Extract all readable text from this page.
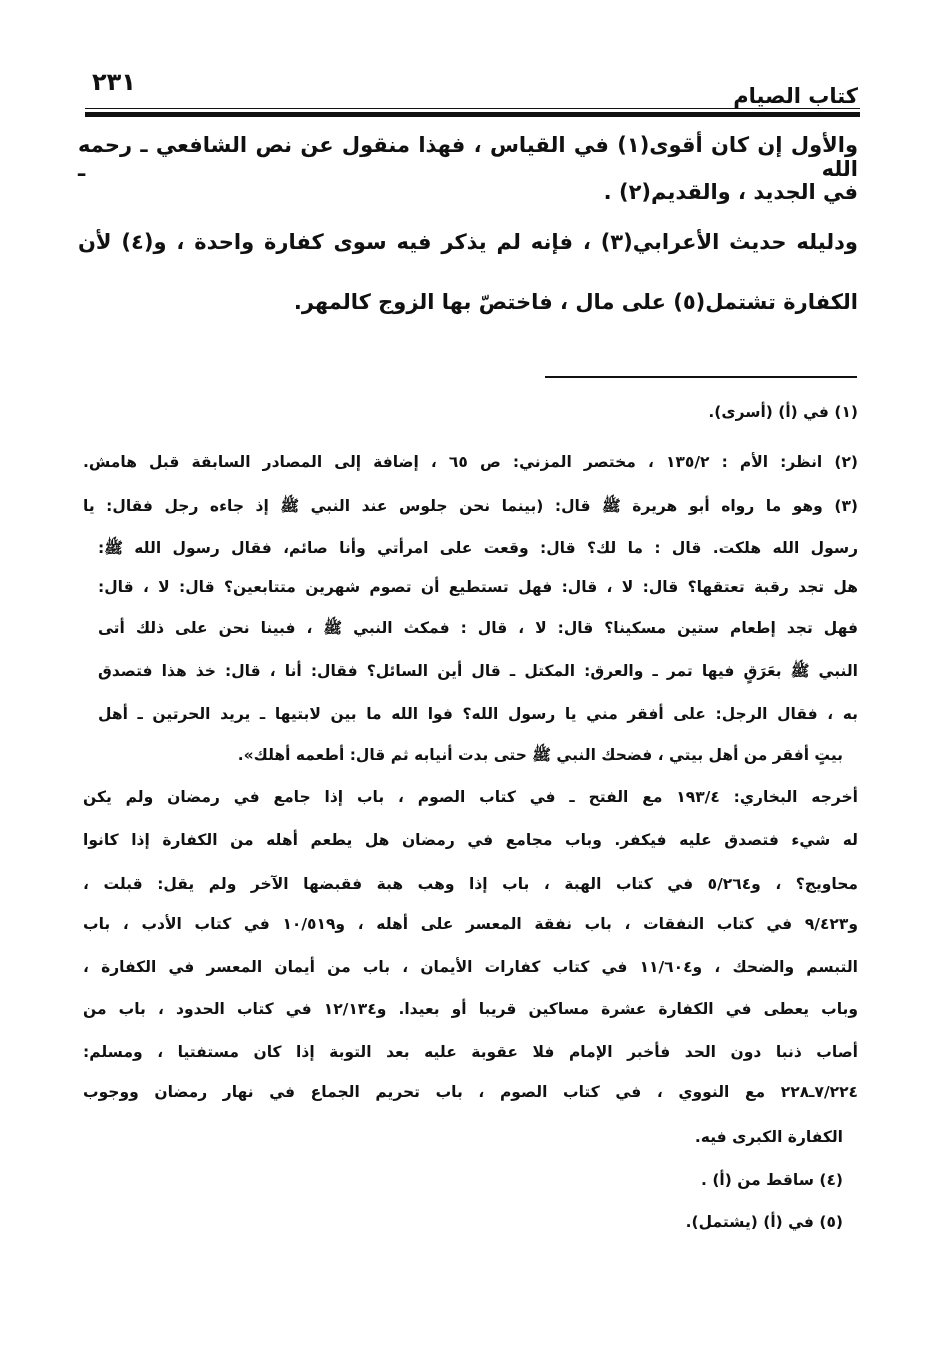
٢٣١	كتاب الصيام
والأول إن كان أقوى(١) في القياس ، فهذا منقول عن نص الشافعي ـ رحمه الله ـ
في الجديد ، والقديم(٢) .
ودليله حديث الأعرابي(٣) ، فإنه لم يذكر فيه سوى كفارة واحدة ، و(٤) لأن
الكفارة تشتمل(٥) على مال ، فاختصّ بها الزوج كالمهر.
(١) في (أ) (أسرى).
(٢) انظر: الأم : ١٣٥/٢ ، مختصر المزني: ص ٦٥ ، إضافة إلى المصادر السابقة قبل هامش.
(٣) وهو ما رواه أبو هريرة ﷺ قال: (بينما نحن جلوس عند النبي ﷺ إذ جاءه رجل فقال: يا
رسول الله هلكت. قال : ما لك؟ قال: وقعت على امرأتي وأنا صائم، فقال رسول الله ﷺ:
هل تجد رقبة تعتقها؟ قال: لا ، قال: فهل تستطيع أن تصوم شهرين متتابعين؟ قال: لا ، قال:
فهل تجد إطعام ستين مسكينا؟ قال: لا ، قال : فمكث النبي ﷺ ، فبينا نحن على ذلك أتى
النبي ﷺ بعَرَقٍ فيها تمر ـ والعرق: المكتل ـ قال أين السائل؟ فقال: أنا ، قال: خذ هذا فتصدق
به ، فقال الرجل: على أفقر مني يا رسول الله؟ فوا الله ما بين لابتيها ـ يريد الحرتين ـ أهل
بيتٍ أفقر من أهل بيتي ، فضحك النبي ﷺ حتى بدت أنيابه ثم قال: أطعمه أهلك».
أخرجه البخاري: ١٩٣/٤ مع الفتح ـ في كتاب الصوم ، باب إذا جامع في رمضان ولم يكن
له شيء فتصدق عليه فيكفر. وباب مجامع في رمضان هل يطعم أهله من الكفارة إذا كانوا
محاويج؟ ، و٥/٢٦٤ في كتاب الهبة ، باب إذا وهب هبة فقبضها الآخر ولم يقل: قبلت ،
و٩/٤٢٣ في كتاب النفقات ، باب نفقة المعسر على أهله ، و١٠/٥١٩ في كتاب الأدب ، باب
التبسم والضحك ، و١١/٦٠٤ في كتاب كفارات الأيمان ، باب من أيمان المعسر في الكفارة ،
وباب يعطى في الكفارة عشرة مساكين قريبا أو بعيدا. و١٢/١٣٤ في كتاب الحدود ، باب من
أصاب ذنبا دون الحد فأخبر الإمام فلا عقوبة عليه بعد التوبة إذا كان مستفتيا ، ومسلم:
٧/٢٢٤ـ٢٢٨ مع النووي ، في كتاب الصوم ، باب تحريم الجماع في نهار رمضان ووجوب
الكفارة الكبرى فيه.
(٤) ساقط من (أ) .
(٥) في (أ) (يشتمل).
